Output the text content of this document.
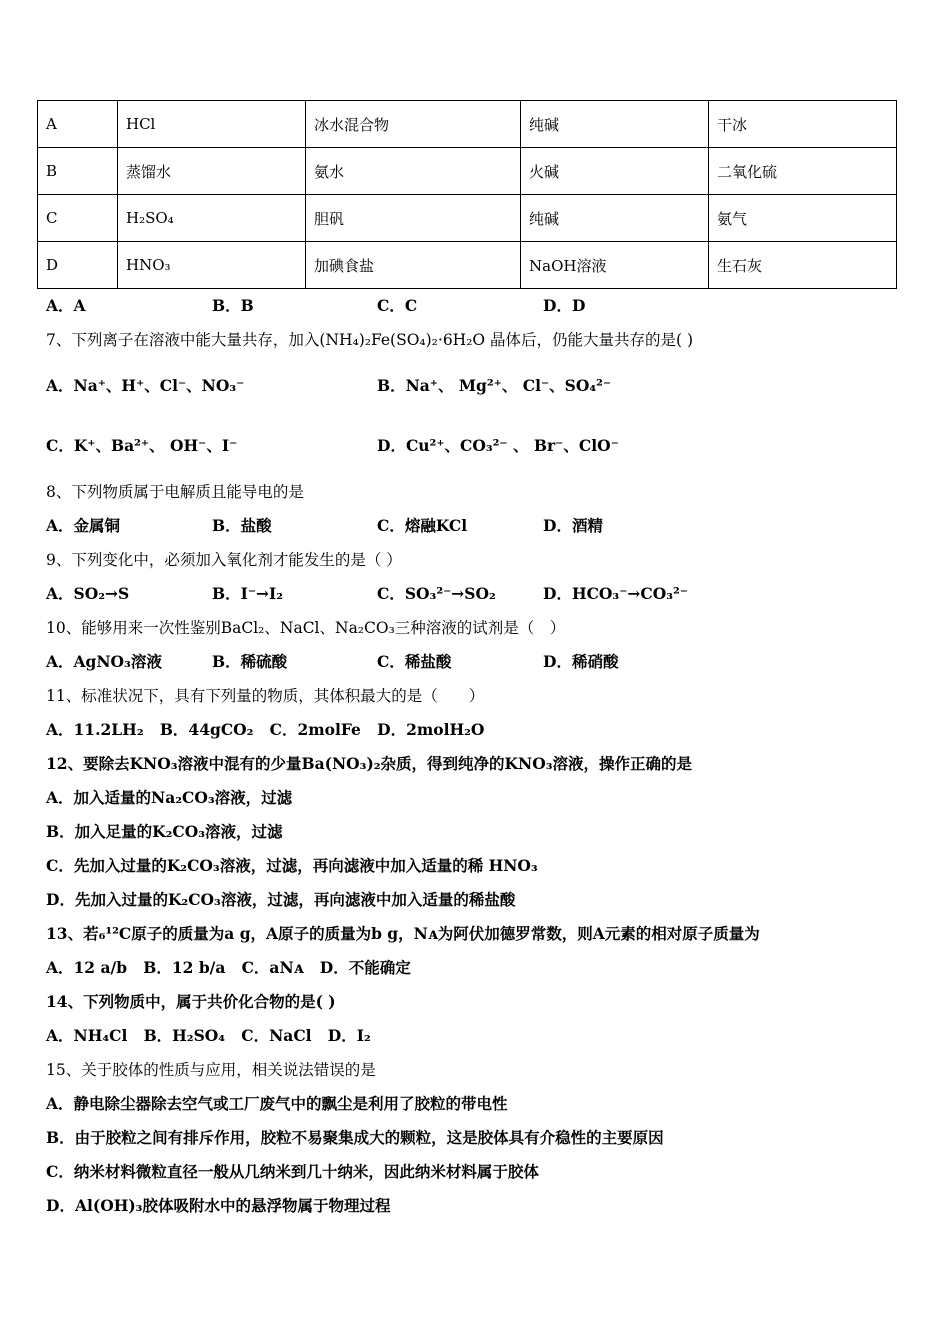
A	HCl	冰水混合物	纯碱	干冰
B	蒸馏水	氨水	火碱	二氧化硫
C	H₂SO₄	胆矾	纯碱	氨气
D	HNO₃	加碘食盐	NaOH溶液	生石灰
A．A	B．B	C．C	D．D
7、下列离子在溶液中能大量共存，加入(NH₄)₂Fe(SO₄)₂·6H₂O 晶体后，仍能大量共存的是( )
A．Na⁺、H⁺、Cl⁻、NO₃⁻	B．Na⁺、 Mg²⁺、 Cl⁻、SO₄²⁻
C．K⁺、Ba²⁺、 OH⁻、I⁻	D．Cu²⁺、CO₃²⁻ 、 Br⁻、ClO⁻
8、下列物质属于电解质且能导电的是
A．金属铜	B．盐酸	C．熔融KCl	D．酒精
9、下列变化中，必须加入氧化剂才能发生的是（ ）
A．SO₂→S	B．I⁻→I₂	C．SO₃²⁻→SO₂	D．HCO₃⁻→CO₃²⁻
10、能够用来一次性鉴别BaCl₂、NaCl、Na₂CO₃三种溶液的试剂是（　）
A．AgNO₃溶液	B．稀硫酸	C．稀盐酸	D．稀硝酸
11、标准状况下，具有下列量的物质，其体积最大的是（　　）
A．11.2LH₂ B．44gCO₂ C．2molFe D．2molH₂O
12、要除去KNO₃溶液中混有的少量Ba(NO₃)₂杂质，得到纯净的KNO₃溶液，操作正确的是
A．加入适量的Na₂CO₃溶液，过滤
B．加入足量的K₂CO₃溶液，过滤
C．先加入过量的K₂CO₃溶液，过滤，再向滤液中加入适量的稀 HNO₃
D．先加入过量的K₂CO₃溶液，过滤，再向滤液中加入适量的稀盐酸
13、若₆¹²C原子的质量为a g，A原子的质量为b g，Nᴀ为阿伏加德罗常数，则A元素的相对原子质量为
A．12 a/b B．12 b/a C．aNᴀ D．不能确定
14、下列物质中，属于共价化合物的是( )
A．NH₄Cl B．H₂SO₄ C．NaCl D．I₂
15、关于胶体的性质与应用，相关说法错误的是
A．静电除尘器除去空气或工厂废气中的飘尘是利用了胶粒的带电性
B．由于胶粒之间有排斥作用，胶粒不易聚集成大的颗粒，这是胶体具有介稳性的主要原因
C．纳米材料微粒直径一般从几纳米到几十纳米，因此纳米材料属于胶体
D．Al(OH)₃胶体吸附水中的悬浮物属于物理过程
